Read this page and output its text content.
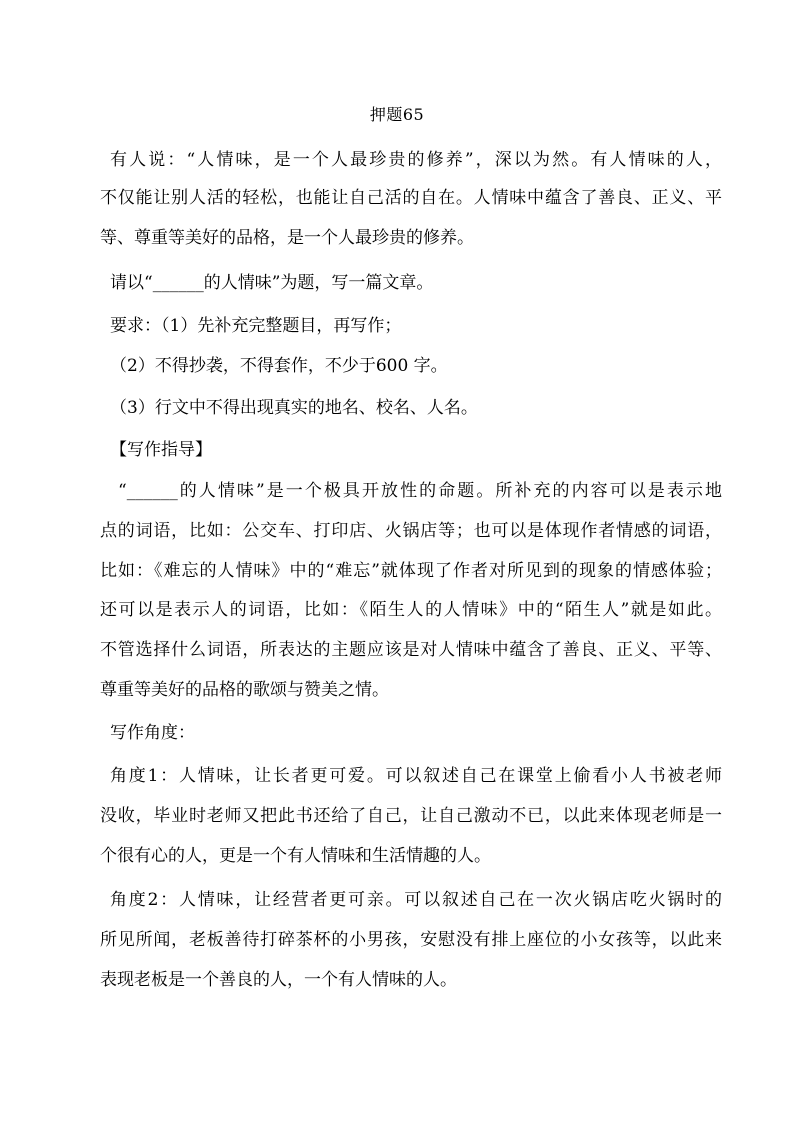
押题65
有人说：“人情味，是一个人最珍贵的修养”，深以为然。有人情味的人，
不仅能让别人活的轻松，也能让自己活的自在。人情味中蕴含了善良、正义、平
等、尊重等美好的品格，是一个人最珍贵的修养。
请以“______的人情味”为题，写一篇文章。
要求：（1）先补充完整题目，再写作；
（2）不得抄袭，不得套作，不少于600 字。
（3）行文中不得出现真实的地名、校名、人名。
【写作指导】
“______的人情味”是一个极具开放性的命题。所补充的内容可以是表示地
点的词语，比如：公交车、打印店、火锅店等；也可以是体现作者情感的词语，
比如：《难忘的人情味》中的“难忘”就体现了作者对所见到的现象的情感体验；
还可以是表示人的词语，比如：《陌生人的人情味》中的“陌生人”就是如此。
不管选择什么词语，所表达的主题应该是对人情味中蕴含了善良、正义、平等、
尊重等美好的品格的歌颂与赞美之情。
写作角度：
角度1：人情味，让长者更可爱。可以叙述自己在课堂上偷看小人书被老师
没收，毕业时老师又把此书还给了自己，让自己激动不已，以此来体现老师是一
个很有心的人，更是一个有人情味和生活情趣的人。
角度2：人情味，让经营者更可亲。可以叙述自己在一次火锅店吃火锅时的
所见所闻，老板善待打碎茶杯的小男孩，安慰没有排上座位的小女孩等，以此来
表现老板是一个善良的人，一个有人情味的人。
